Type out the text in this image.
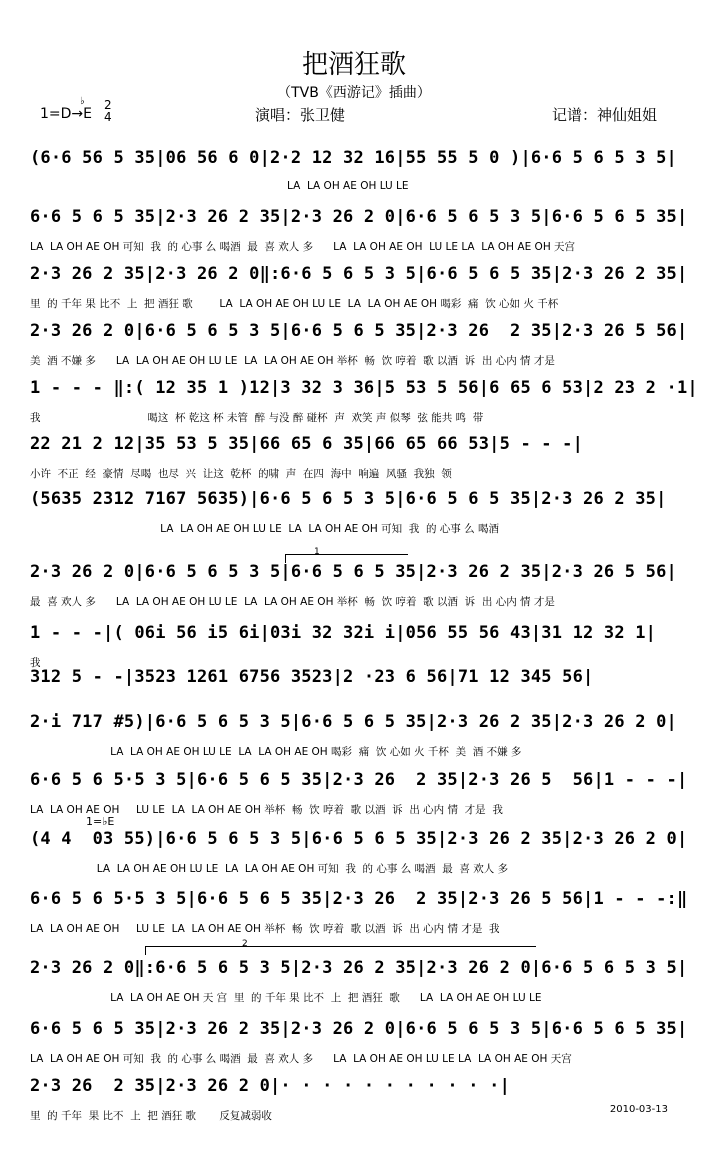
把酒狂歌
（TVB《西游记》插曲）
1=D→E
♭ 2
4	演唱：张卫健	记谱：神仙姐姐
(6·6 56 5 35|06 56 6 0|2·2 12 32 16|55 55 5 0 )|6·6 5 6 5 3 5|
LA  LA OH AE OH LU LE
6·6 5 6 5 35|2·3 26 2 35|2·3 26 2 0|6·6 5 6 5 3 5|6·6 5 6 5 35|
LA  LA OH AE OH 可知  我  的 心事 么 喝酒  最  喜 欢人 多      LA  LA OH AE OH  LU LE LA  LA OH AE OH 天宫
2·3 26 2 35|2·3 26 2 0‖:6·6 5 6 5 3 5|6·6 5 6 5 35|2·3 26 2 35|
里  的 千年 果 比不  上  把 酒狂 歌        LA  LA OH AE OH LU LE  LA  LA OH AE OH 喝彩  痛  饮 心如 火 千杯
2·3 26 2 0|6·6 5 6 5 3 5|6·6 5 6 5 35|2·3 26  2 35|2·3 26 5 56|
美  酒 不嫌 多      LA  LA OH AE OH LU LE  LA  LA OH AE OH 举杯  畅  饮 哼着  歌 以酒  诉  出 心内 情 才是
1 - - - ‖:( 12 35 1 )12|3 32 3 36|5 53 5 56|6 65 6 53|2 23 2 ·1|
我                                喝这  杯 乾这 杯 未管  醉 与没 醉 碰杯  声  欢笑 声 似琴  弦 能共 鸣  带
22 21 2 12|35 53 5 35|66 65 6 35|66 65 66 53|5 - - -|
小许  不正  经  豪情  尽喝  也尽  兴  让这  乾杯  的啸  声  在四  海中  响遍  风骚  我独  领
(5635 2312 7167 5635)|6·6 5 6 5 3 5|6·6 5 6 5 35|2·3 26 2 35|
LA  LA OH AE OH LU LE  LA  LA OH AE OH 可知  我  的 心事 么 喝酒
2·3 26 2 0|6·6 5 6 5 3 5|6·6 5 6 5 35|2·3 26 2 35|2·3 26 5 56|
最  喜 欢人 多      LA  LA OH AE OH LU LE  LA  LA OH AE OH 举杯  畅  饮 哼着  歌 以酒  诉  出 心内 情 才是
1 - - -|( 06i 56 i5 6i|03i 32 32i i|056 55 56 43|31 12 32 1|
我
312 5 - -|3523 1261 6756 3523|2 ·23 6 56|71 12 345 56|
2·i 717 #5)|6·6 5 6 5 3 5|6·6 5 6 5 35|2·3 26 2 35|2·3 26 2 0|
LA  LA OH AE OH LU LE  LA  LA OH AE OH 喝彩  痛  饮 心如 火 千杯  美  酒 不嫌 多
6·6 5 6 5·5 3 5|6·6 5 6 5 35|2·3 26  2 35|2·3 26 5  56|1 - - -|
LA  LA OH AE OH     LU LE  LA  LA OH AE OH 举杯  畅  饮 哼着  歌 以酒  诉  出 心内 情  才是  我
(4 4  03 55)|6·6 5 6 5 3 5|6·6 5 6 5 35|2·3 26 2 35|2·3 26 2 0|
LA  LA OH AE OH LU LE  LA  LA OH AE OH 可知  我  的 心事 么 喝酒  最  喜 欢人 多
6·6 5 6 5·5 3 5|6·6 5 6 5 35|2·3 26  2 35|2·3 26 5 56|1 - - -:‖
LA  LA OH AE OH     LU LE  LA  LA OH AE OH 举杯  畅  饮 哼着  歌 以酒  诉  出 心内 情 才是  我
2·3 26 2 0‖:6·6 5 6 5 3 5|2·3 26 2 35|2·3 26 2 0|6·6 5 6 5 3 5|
LA  LA OH AE OH 天 宫  里  的 千年 果 比不  上  把 酒狂  歌      LA  LA OH AE OH LU LE
6·6 5 6 5 35|2·3 26 2 35|2·3 26 2 0|6·6 5 6 5 3 5|6·6 5 6 5 35|
LA  LA OH AE OH 可知  我  的 心事 么 喝酒  最  喜 欢人 多      LA  LA OH AE OH LU LE LA  LA OH AE OH 天宫
2·3 26  2 35|2·3 26 2 0|· · · · · · · · · · ·|
里  的 千年  果 比不  上  把 酒狂 歌       反复减弱收
1
2
1=♭E
2010-03-13
